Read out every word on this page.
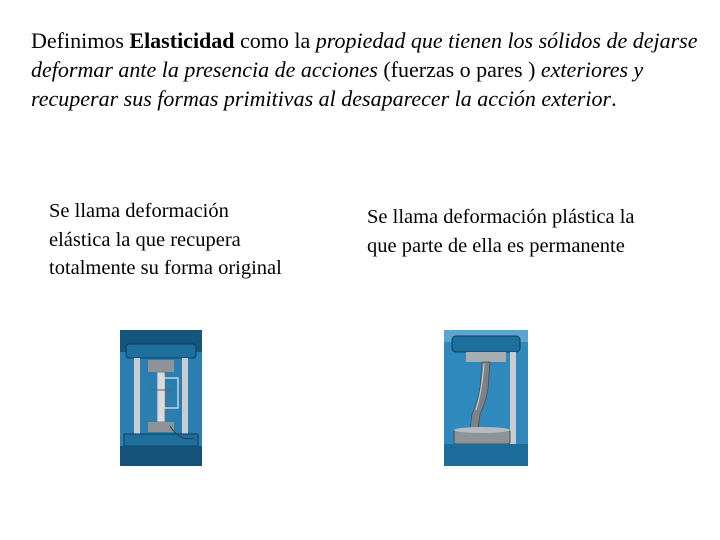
Definimos Elasticidad como la propiedad que tienen los sólidos de dejarse deformar ante la presencia de acciones (fuerzas o pares ) exteriores y recuperar sus formas primitivas al desaparecer la acción exterior.

Se llama deformación elástica la que recupera totalmente su forma original

Se llama deformación plástica la que parte de ella es permanente
